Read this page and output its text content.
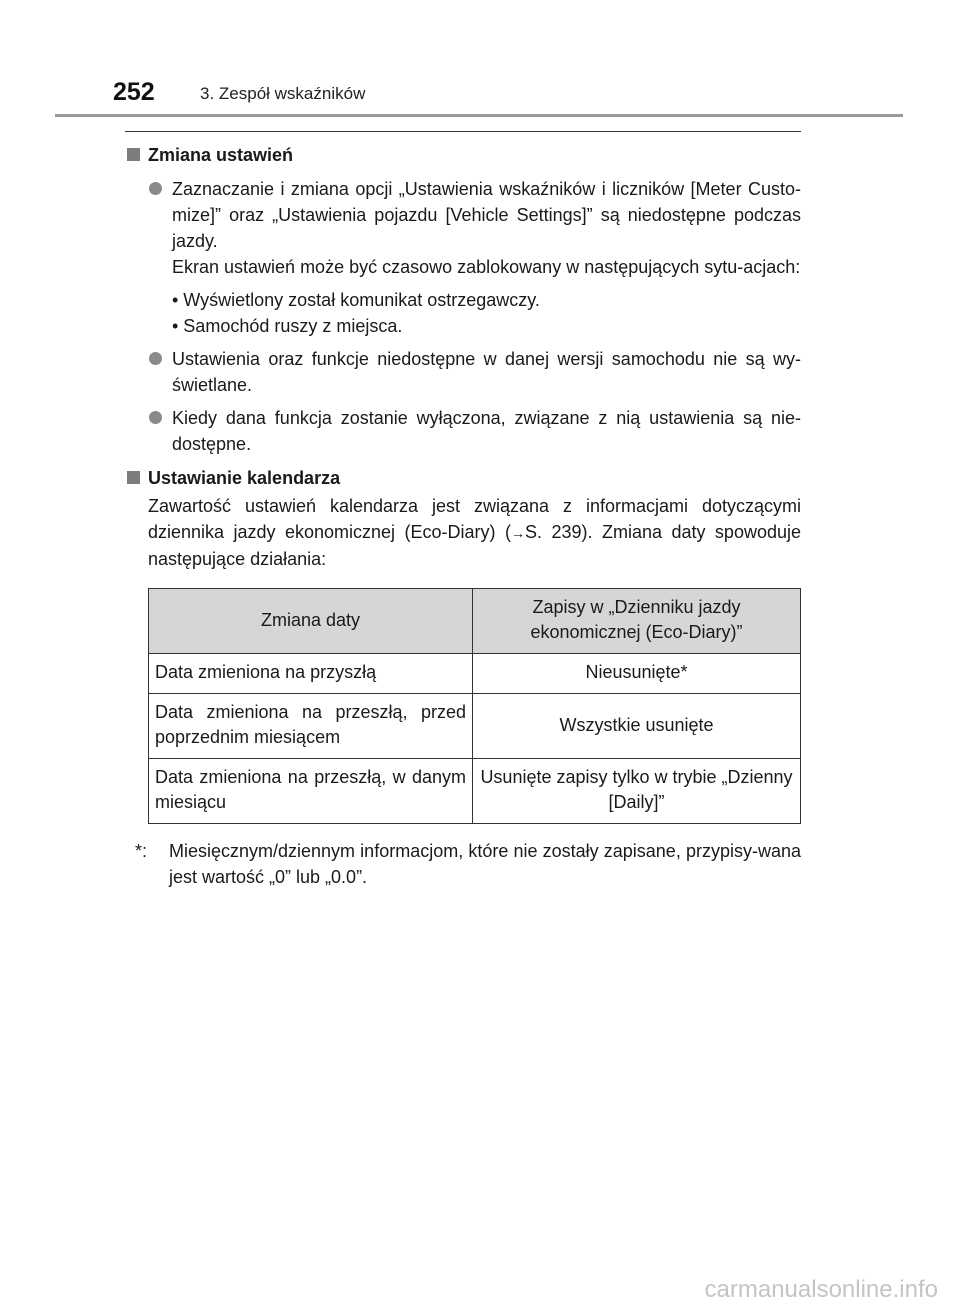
252	3. Zespół wskaźników
Zmiana ustawień
Zaznaczanie i zmiana opcji „Ustawienia wskaźników i liczników [Meter Custo-mize]” oraz „Ustawienia pojazdu [Vehicle Settings]” są niedostępne podczas jazdy.
Ekran ustawień może być czasowo zablokowany w następujących sytu-acjach:
• Wyświetlony został komunikat ostrzegawczy.
• Samochód ruszy z miejsca.
Ustawienia oraz funkcje niedostępne w danej wersji samochodu nie są wy-świetlane.
Kiedy dana funkcja zostanie wyłączona, związane z nią ustawienia są nie-dostępne.
Ustawianie kalendarza
Zawartość ustawień kalendarza jest związana z informacjami dotyczącymi dziennika jazdy ekonomicznej (Eco-Diary) (→S. 239). Zmiana daty spowoduje następujące działania:
Zmiana daty	Zapisy w „Dzienniku jazdy ekonomicznej (Eco-Diary)”
Data zmieniona na przyszłą	Nieusunięte*
Data zmieniona na przeszłą, przed poprzednim miesiącem	Wszystkie usunięte
Data zmieniona na przeszłą, w danym miesiącu	Usunięte zapisy tylko w trybie „Dzienny [Daily]”
*: Miesięcznym/dziennym informacjom, które nie zostały zapisane, przypisy-wana jest wartość „0” lub „0.0”.
carmanualsonline.info
